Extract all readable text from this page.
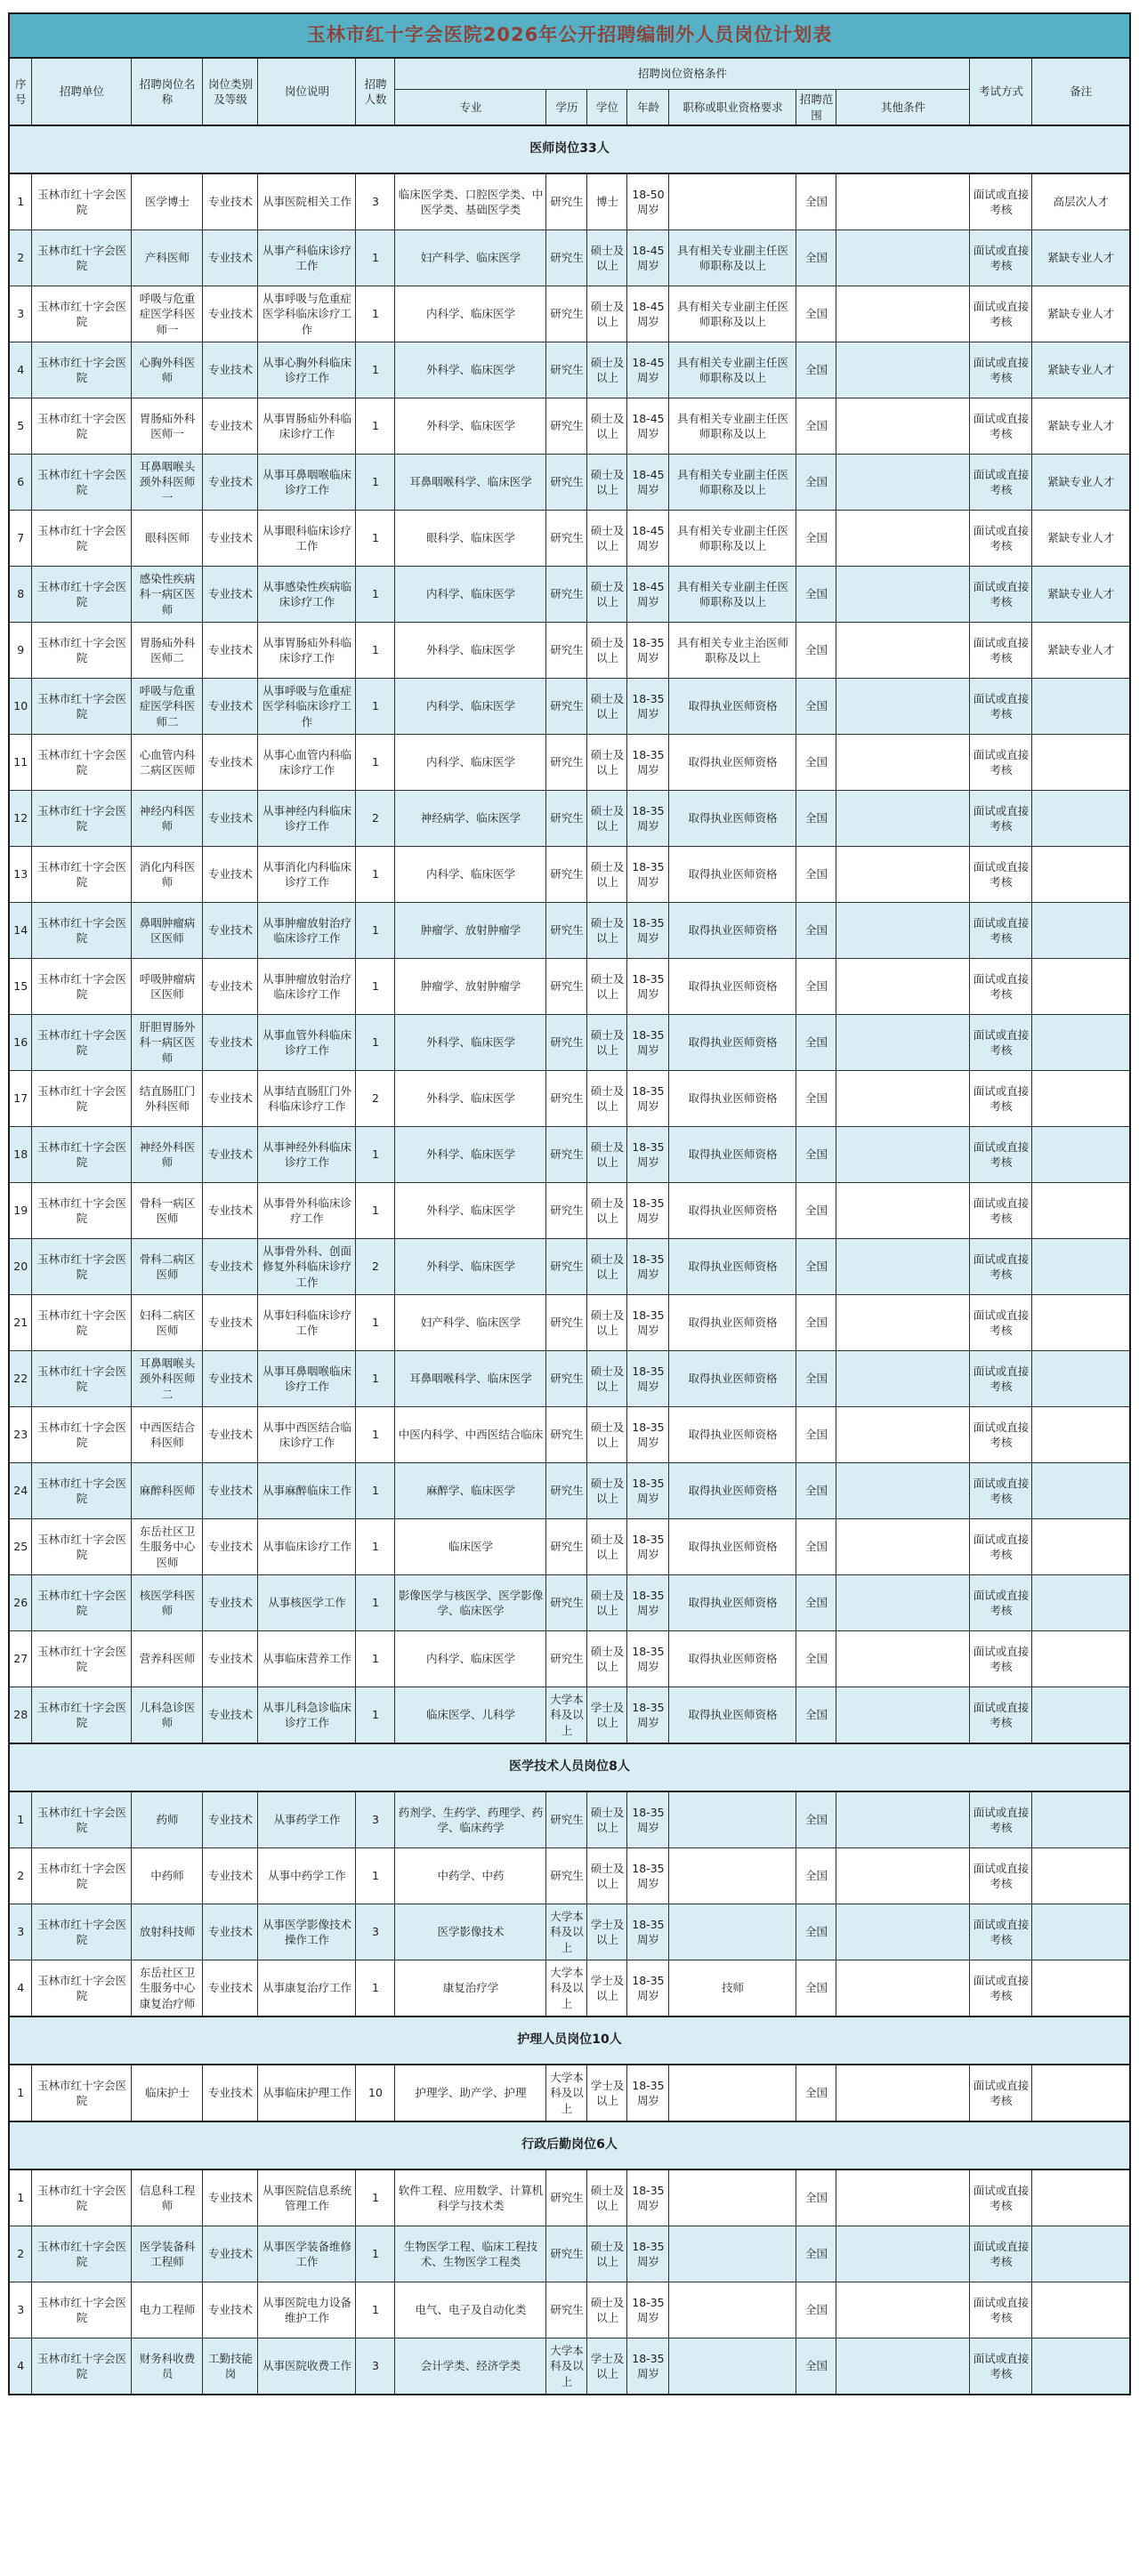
玉林市红十字会医院2026年公开招聘编制外人员岗位计划表														
序号	招聘单位	招聘岗位名称	岗位类别及等级	岗位说明	招聘人数	招聘岗位资格条件							考试方式	备注
						专业	学历	学位	年龄	职称或职业资格要求	招聘范围	其他条件		
医师岗位33人														
1	玉林市红十字会医院	医学博士	专业技术	从事医院相关工作	3	临床医学类、口腔医学类、中医学类、基础医学类	研究生	博士	18-50周岁		全国		面试或直接考核	高层次人才
2	玉林市红十字会医院	产科医师	专业技术	从事产科临床诊疗工作	1	妇产科学、临床医学	研究生	硕士及以上	18-45周岁	具有相关专业副主任医师职称及以上	全国		面试或直接考核	紧缺专业人才
3	玉林市红十字会医院	呼吸与危重症医学科医师一	专业技术	从事呼吸与危重症医学科临床诊疗工作	1	内科学、临床医学	研究生	硕士及以上	18-45周岁	具有相关专业副主任医师职称及以上	全国		面试或直接考核	紧缺专业人才
4	玉林市红十字会医院	心胸外科医师	专业技术	从事心胸外科临床诊疗工作	1	外科学、临床医学	研究生	硕士及以上	18-45周岁	具有相关专业副主任医师职称及以上	全国		面试或直接考核	紧缺专业人才
5	玉林市红十字会医院	胃肠疝外科医师一	专业技术	从事胃肠疝外科临床诊疗工作	1	外科学、临床医学	研究生	硕士及以上	18-45周岁	具有相关专业副主任医师职称及以上	全国		面试或直接考核	紧缺专业人才
6	玉林市红十字会医院	耳鼻咽喉头颈外科医师一	专业技术	从事耳鼻咽喉临床诊疗工作	1	耳鼻咽喉科学、临床医学	研究生	硕士及以上	18-45周岁	具有相关专业副主任医师职称及以上	全国		面试或直接考核	紧缺专业人才
7	玉林市红十字会医院	眼科医师	专业技术	从事眼科临床诊疗工作	1	眼科学、临床医学	研究生	硕士及以上	18-45周岁	具有相关专业副主任医师职称及以上	全国		面试或直接考核	紧缺专业人才
8	玉林市红十字会医院	感染性疾病科一病区医师	专业技术	从事感染性疾病临床诊疗工作	1	内科学、临床医学	研究生	硕士及以上	18-45周岁	具有相关专业副主任医师职称及以上	全国		面试或直接考核	紧缺专业人才
9	玉林市红十字会医院	胃肠疝外科医师二	专业技术	从事胃肠疝外科临床诊疗工作	1	外科学、临床医学	研究生	硕士及以上	18-35周岁	具有相关专业主治医师职称及以上	全国		面试或直接考核	紧缺专业人才
10	玉林市红十字会医院	呼吸与危重症医学科医师二	专业技术	从事呼吸与危重症医学科临床诊疗工作	1	内科学、临床医学	研究生	硕士及以上	18-35周岁	取得执业医师资格	全国		面试或直接考核	
11	玉林市红十字会医院	心血管内科二病区医师	专业技术	从事心血管内科临床诊疗工作	1	内科学、临床医学	研究生	硕士及以上	18-35周岁	取得执业医师资格	全国		面试或直接考核	
12	玉林市红十字会医院	神经内科医师	专业技术	从事神经内科临床诊疗工作	2	神经病学、临床医学	研究生	硕士及以上	18-35周岁	取得执业医师资格	全国		面试或直接考核	
13	玉林市红十字会医院	消化内科医师	专业技术	从事消化内科临床诊疗工作	1	内科学、临床医学	研究生	硕士及以上	18-35周岁	取得执业医师资格	全国		面试或直接考核	
14	玉林市红十字会医院	鼻咽肿瘤病区医师	专业技术	从事肿瘤放射治疗临床诊疗工作	1	肿瘤学、放射肿瘤学	研究生	硕士及以上	18-35周岁	取得执业医师资格	全国		面试或直接考核	
15	玉林市红十字会医院	呼吸肿瘤病区医师	专业技术	从事肿瘤放射治疗临床诊疗工作	1	肿瘤学、放射肿瘤学	研究生	硕士及以上	18-35周岁	取得执业医师资格	全国		面试或直接考核	
16	玉林市红十字会医院	肝胆胃肠外科一病区医师	专业技术	从事血管外科临床诊疗工作	1	外科学、临床医学	研究生	硕士及以上	18-35周岁	取得执业医师资格	全国		面试或直接考核	
17	玉林市红十字会医院	结直肠肛门外科医师	专业技术	从事结直肠肛门外科临床诊疗工作	2	外科学、临床医学	研究生	硕士及以上	18-35周岁	取得执业医师资格	全国		面试或直接考核	
18	玉林市红十字会医院	神经外科医师	专业技术	从事神经外科临床诊疗工作	1	外科学、临床医学	研究生	硕士及以上	18-35周岁	取得执业医师资格	全国		面试或直接考核	
19	玉林市红十字会医院	骨科一病区医师	专业技术	从事骨外科临床诊疗工作	1	外科学、临床医学	研究生	硕士及以上	18-35周岁	取得执业医师资格	全国		面试或直接考核	
20	玉林市红十字会医院	骨科二病区医师	专业技术	从事骨外科、创面修复外科临床诊疗工作	2	外科学、临床医学	研究生	硕士及以上	18-35周岁	取得执业医师资格	全国		面试或直接考核	
21	玉林市红十字会医院	妇科二病区医师	专业技术	从事妇科临床诊疗工作	1	妇产科学、临床医学	研究生	硕士及以上	18-35周岁	取得执业医师资格	全国		面试或直接考核	
22	玉林市红十字会医院	耳鼻咽喉头颈外科医师二	专业技术	从事耳鼻咽喉临床诊疗工作	1	耳鼻咽喉科学、临床医学	研究生	硕士及以上	18-35周岁	取得执业医师资格	全国		面试或直接考核	
23	玉林市红十字会医院	中西医结合科医师	专业技术	从事中西医结合临床诊疗工作	1	中医内科学、中西医结合临床	研究生	硕士及以上	18-35周岁	取得执业医师资格	全国		面试或直接考核	
24	玉林市红十字会医院	麻醉科医师	专业技术	从事麻醉临床工作	1	麻醉学、临床医学	研究生	硕士及以上	18-35周岁	取得执业医师资格	全国		面试或直接考核	
25	玉林市红十字会医院	东岳社区卫生服务中心医师	专业技术	从事临床诊疗工作	1	临床医学	研究生	硕士及以上	18-35周岁	取得执业医师资格	全国		面试或直接考核	
26	玉林市红十字会医院	核医学科医师	专业技术	从事核医学工作	1	影像医学与核医学、医学影像学、临床医学	研究生	硕士及以上	18-35周岁	取得执业医师资格	全国		面试或直接考核	
27	玉林市红十字会医院	营养科医师	专业技术	从事临床营养工作	1	内科学、临床医学	研究生	硕士及以上	18-35周岁	取得执业医师资格	全国		面试或直接考核	
28	玉林市红十字会医院	儿科急诊医师	专业技术	从事儿科急诊临床诊疗工作	1	临床医学、儿科学	大学本科及以上	学士及以上	18-35周岁	取得执业医师资格	全国		面试或直接考核	
医学技术人员岗位8人														
1	玉林市红十字会医院	药师	专业技术	从事药学工作	3	药剂学、生药学、药理学、药学、临床药学	研究生	硕士及以上	18-35周岁		全国		面试或直接考核	
2	玉林市红十字会医院	中药师	专业技术	从事中药学工作	1	中药学、中药	研究生	硕士及以上	18-35周岁		全国		面试或直接考核	
3	玉林市红十字会医院	放射科技师	专业技术	从事医学影像技术操作工作	3	医学影像技术	大学本科及以上	学士及以上	18-35周岁		全国		面试或直接考核	
4	玉林市红十字会医院	东岳社区卫生服务中心康复治疗师	专业技术	从事康复治疗工作	1	康复治疗学	大学本科及以上	学士及以上	18-35周岁	技师	全国		面试或直接考核	
护理人员岗位10人														
1	玉林市红十字会医院	临床护士	专业技术	从事临床护理工作	10	护理学、助产学、护理	大学本科及以上	学士及以上	18-35周岁		全国		面试或直接考核	
行政后勤岗位6人														
1	玉林市红十字会医院	信息科工程师	专业技术	从事医院信息系统管理工作	1	软件工程、应用数学、计算机科学与技术类	研究生	硕士及以上	18-35周岁		全国		面试或直接考核	
2	玉林市红十字会医院	医学装备科工程师	专业技术	从事医学装备维修工作	1	生物医学工程、临床工程技术、生物医学工程类	研究生	硕士及以上	18-35周岁		全国		面试或直接考核	
3	玉林市红十字会医院	电力工程师	专业技术	从事医院电力设备维护工作	1	电气、电子及自动化类	研究生	硕士及以上	18-35周岁		全国		面试或直接考核	
4	玉林市红十字会医院	财务科收费员	工勤技能岗	从事医院收费工作	3	会计学类、经济学类	大学本科及以上	学士及以上	18-35周岁		全国		面试或直接考核	
